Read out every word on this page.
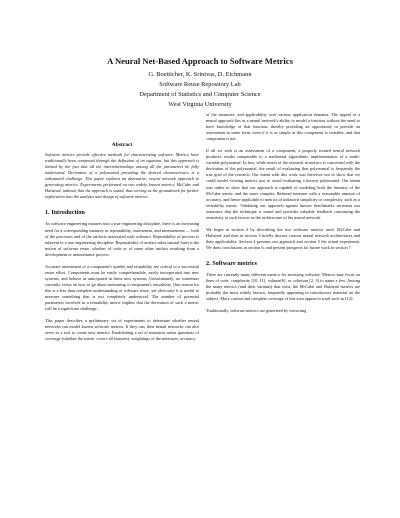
A Neural Net-Based Approach to Software Metrics
G. Boetticher, K. Srinivas, D. Eichmann
Software Reuse Repository Lab
Department of Statistics and Computer Science
West Virginia University
Abstract

Software metrics provide effective methods for characterizing software. Metrics have traditionally been composed through the definition of an equation, but this approach is limited by the fact that all the interrelationships among all the parameters be fully understood. Derivation of a polynomial providing the desired characteristics is a substantial challenge. This paper explores an alternative, neural network approach to generating metrics. Experiments performed on two widely known metrics, McCabe and Halstead, indicate that the approach is sound, thus serving as the groundwork for further exploration into the analysis and design of software metrics.

1. Introduction

As software engineering matures into a true engineering discipline, there is an increasing need for a corresponding maturity in repeatability, assessment, and measurement — both of the processes and of the artifacts associated with software. Repeatability of process is inherent to a true engineering discipline. Repeatability of artifact takes natural form is the notion of software reuse, whether of code or of some other artifact resulting from a development or maintenance process.

Accurate assessment of a component's quality and reusability are critical to a successful reuse effort. Components must be easily comprehensible, easily incorporated into new systems, and behave as anticipated in those new systems. Unfortunately, no consensus currently exists on how to go about measuring a component's reusability. One reason for this is a less than complete understanding of software reuse, yet obviously it is useful to measure something that is not completely understood. The number of potential parameters involved in a reusability metric implies that the derivation of such a metric will be a significant challenge.

This paper describes a preliminary set of experiments to determine whether neural networks can model known software metrics. If they can, then neural networks can also serve as a tool to create new metrics. Establishing a set of measures raises questions of coverage (whether the metric covers all features), weightings of the measures, accuracy

of the measures, and applicability over various application domains. The appeal of a neural approach lies in a neural network's ability to model a function without the need to have knowledge of that function, thereby providing an opportunity to provide an assessment in some form, even if it is as simple as this component is reusable, and that component is not.

If all we seek is an assessment of a component, a properly trained neural network produces results comparable to a traditional algorithmic implementation of a multi-variable polynomial. In fact, while much of the research in metrics is concerned with the derivation of the polynomial, the result of evaluating that polynomial is frequently the true goal of the research. Our intent with this work was therefore not to show that we could model existing metrics just to avoid evaluating a known polynomial. Our intent was rather to show that our approach is capable of modeling both the linearity of the McCabe metric and the more complex Halstead measure with a reasonable amount of accuracy, and hence applicable to metrics of unknown simplicity or complexity, such as a reusability metric. Validating our approach against known benchmarks increases our assurance that the technique is sound and provides valuable feedback concerning the sensitivity to such factors as the architecture of the neural network.

We begin in section 2 by describing the two software metrics used, McCabe and Halstead, and then in section 3 briefly discuss various neural network architectures and their applicability. Section 4 presents our approach and section 5 the actual experiment. We draw conclusions in section 6, and present prospects for future work in section 7.

2. Software metrics

There are currently many different metrics for assessing software. Metrics may focus on lines of code, complexity [10, 11], volume[6], or cohesion [2, 3] to name a few. Among the many metrics (and their variants) that exist, the McCabe and Halstead metrics are probably the most widely known, frequently appearing in introductory material on the subject. More current and complete coverage of this area appear in work such as [12].

Traditionally, software metrics are generated by extracting
